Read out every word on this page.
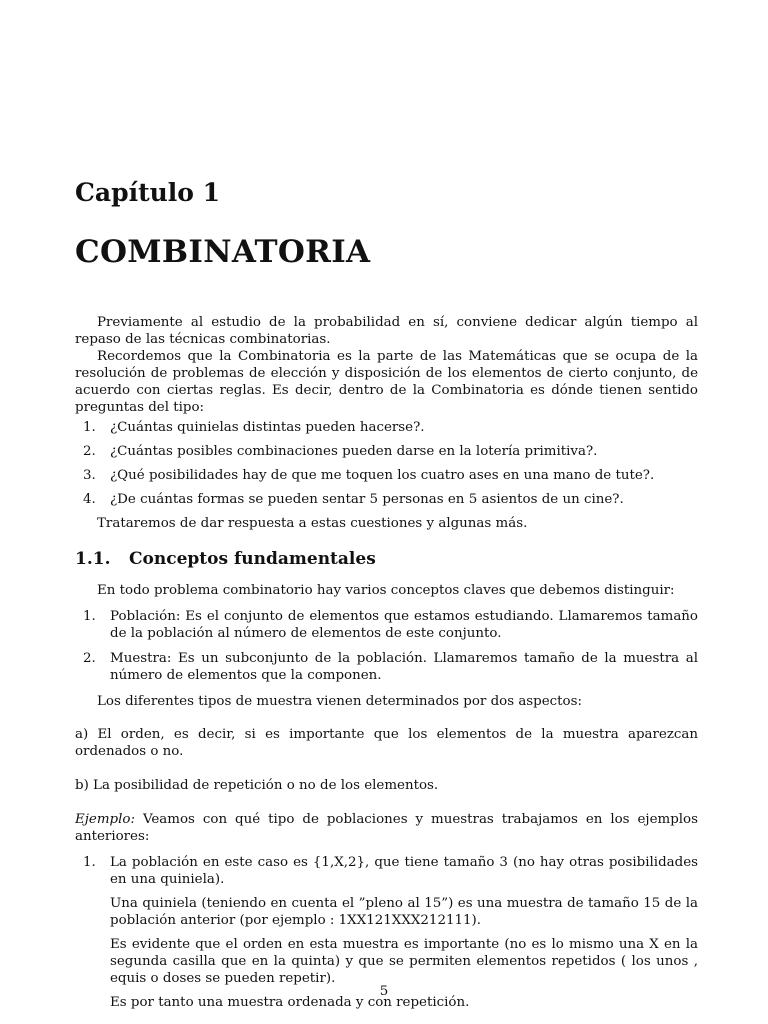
Capítulo 1
COMBINATORIA

Previamente al estudio de la probabilidad en sí, conviene dedicar algún tiempo al repaso de las técnicas combinatorias.

Recordemos que la Combinatoria es la parte de las Matemáticas que se ocupa de la resolución de problemas de elección y disposición de los elementos de cierto conjunto, de acuerdo con ciertas reglas. Es decir, dentro de la Combinatoria es dónde tienen sentido preguntas del tipo:

1. ¿Cuántas quinielas distintas pueden hacerse?.
2. ¿Cuántas posibles combinaciones pueden darse en la lotería primitiva?.
3. ¿Qué posibilidades hay de que me toquen los cuatro ases en una mano de tute?.
4. ¿De cuántas formas se pueden sentar 5 personas en 5 asientos de un cine?.

Trataremos de dar respuesta a estas cuestiones y algunas más.

1.1. Conceptos fundamentales

En todo problema combinatorio hay varios conceptos claves que debemos distinguir:

1. Población: Es el conjunto de elementos que estamos estudiando. Llamaremos tamaño de la población al número de elementos de este conjunto.
2. Muestra: Es un subconjunto de la población. Llamaremos tamaño de la muestra al número de elementos que la componen.

Los diferentes tipos de muestra vienen determinados por dos aspectos:

a) El orden, es decir, si es importante que los elementos de la muestra aparezcan ordenados o no.

b) La posibilidad de repetición o no de los elementos.

Ejemplo: Veamos con qué tipo de poblaciones y muestras trabajamos en los ejemplos anteriores:

1. La población en este caso es {1,X,2}, que tiene tamaño 3 (no hay otras posibilidades en una quiniela).

Una quiniela (teniendo en cuenta el ”pleno al 15”) es una muestra de tamaño 15 de la población anterior (por ejemplo : 1XX121XXX212111).

Es evidente que el orden en esta muestra es importante (no es lo mismo una X en la segunda casilla que en la quinta) y que se permiten elementos repetidos ( los unos , equis o doses se pueden repetir).

Es por tanto una muestra ordenada y con repetición.

5
